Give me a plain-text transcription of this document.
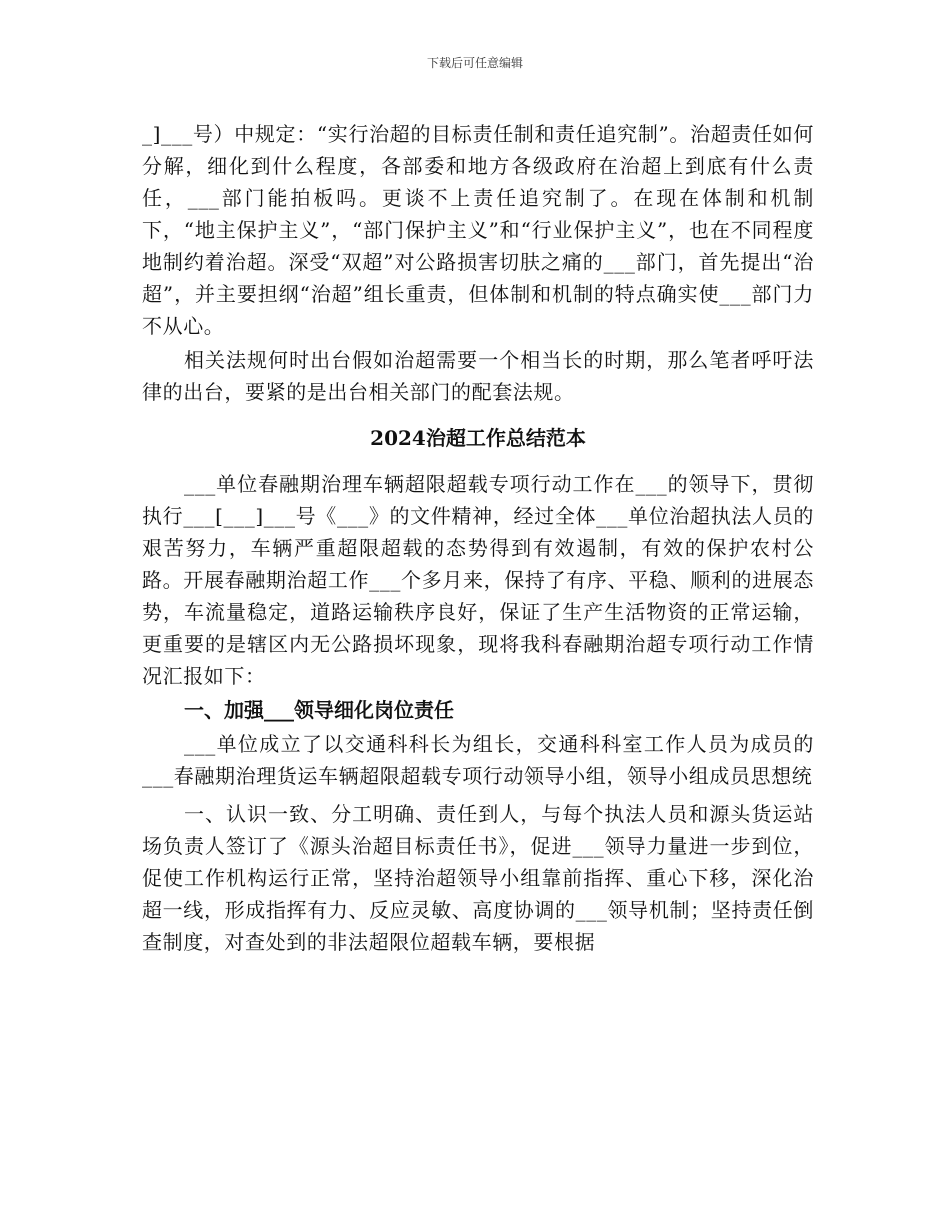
下载后可任意编辑

_]___号）中规定：“实行治超的目标责任制和责任追究制”。治超责任如何分解，细化到什么程度，各部委和地方各级政府在治超上到底有什么责任，___部门能拍板吗。更谈不上责任追究制了。在现在体制和机制下，“地主保护主义”，“部门保护主义”和“行业保护主义”，也在不同程度地制约着治超。深受“双超”对公路损害切肤之痛的___部门，首先提出“治超”，并主要担纲“治超”组长重责，但体制和机制的特点确实使___部门力不从心。

相关法规何时出台假如治超需要一个相当长的时期，那么笔者呼吁法律的出台，要紧的是出台相关部门的配套法规。

2024治超工作总结范本

___单位春融期治理车辆超限超载专项行动工作在___的领导下，贯彻执行___[___]___号《___》的文件精神，经过全体___单位治超执法人员的艰苦努力，车辆严重超限超载的态势得到有效遏制，有效的保护农村公路。开展春融期治超工作___个多月来，保持了有序、平稳、顺利的进展态势，车流量稳定，道路运输秩序良好，保证了生产生活物资的正常运输，更重要的是辖区内无公路损坏现象，现将我科春融期治超专项行动工作情况汇报如下：

一、加强___领导细化岗位责任

___单位成立了以交通科科长为组长，交通科科室工作人员为成员的___春融期治理货运车辆超限超载专项行动领导小组，领导小组成员思想统

一、认识一致、分工明确、责任到人，与每个执法人员和源头货运站场负责人签订了《源头治超目标责任书》，促进___领导力量进一步到位，促使工作机构运行正常，坚持治超领导小组靠前指挥、重心下移，深化治超一线，形成指挥有力、反应灵敏、高度协调的___领导机制；坚持责任倒查制度，对查处到的非法超限位超载车辆，要根据
